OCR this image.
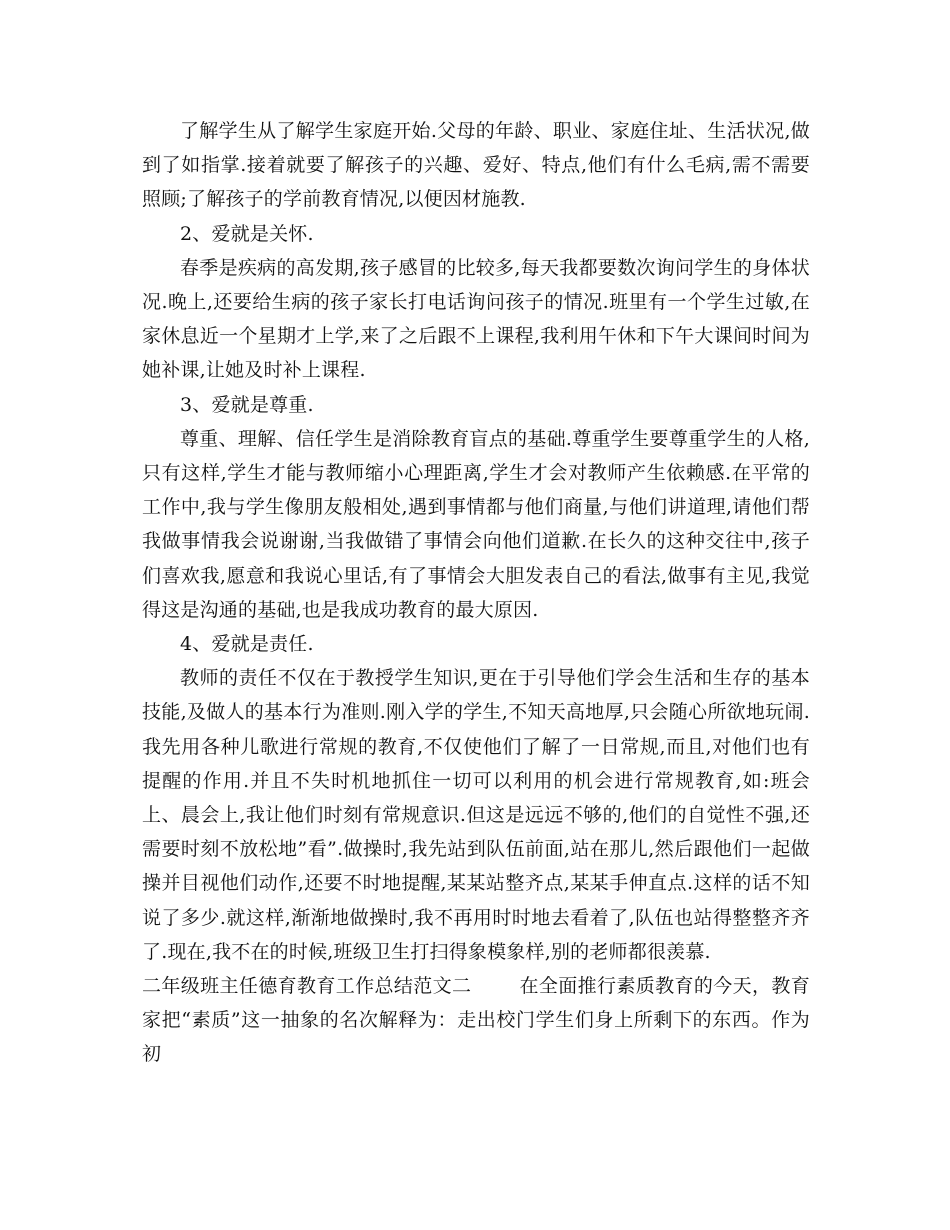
了解学生从了解学生家庭开始.父母的年龄、职业、家庭住址、生活状况,做到了如指掌.接着就要了解孩子的兴趣、爱好、特点,他们有什么毛病,需不需要照顾;了解孩子的学前教育情况,以便因材施教.

2、爱就是关怀.

春季是疾病的高发期,孩子感冒的比较多,每天我都要数次询问学生的身体状况.晚上,还要给生病的孩子家长打电话询问孩子的情况.班里有一个学生过敏,在家休息近一个星期才上学,来了之后跟不上课程,我利用午休和下午大课间时间为她补课,让她及时补上课程.

3、爱就是尊重.

尊重、理解、信任学生是消除教育盲点的基础.尊重学生要尊重学生的人格,只有这样,学生才能与教师缩小心理距离,学生才会对教师产生依赖感.在平常的工作中,我与学生像朋友般相处,遇到事情都与他们商量,与他们讲道理,请他们帮我做事情我会说谢谢,当我做错了事情会向他们道歉.在长久的这种交往中,孩子们喜欢我,愿意和我说心里话,有了事情会大胆发表自己的看法,做事有主见,我觉得这是沟通的基础,也是我成功教育的最大原因.

4、爱就是责任.

教师的责任不仅在于教授学生知识,更在于引导他们学会生活和生存的基本技能,及做人的基本行为准则.刚入学的学生,不知天高地厚,只会随心所欲地玩闹.我先用各种儿歌进行常规的教育,不仅使他们了解了一日常规,而且,对他们也有提醒的作用.并且不失时机地抓住一切可以利用的机会进行常规教育,如:班会上、晨会上,我让他们时刻有常规意识.但这是远远不够的,他们的自觉性不强,还需要时刻不放松地”看”.做操时,我先站到队伍前面,站在那儿,然后跟他们一起做操并目视他们动作,还要不时地提醒,某某站整齐点,某某手伸直点.这样的话不知说了多少.就这样,渐渐地做操时,我不再用时时地去看着了,队伍也站得整整齐齐了.现在,我不在的时候,班级卫生打扫得象模象样,别的老师都很羡慕.

二年级班主任德育教育工作总结范文二	在全面推行素质教育的今天，教育家把“素质”这一抽象的名次解释为：走出校门学生们身上所剩下的东西。作为初
